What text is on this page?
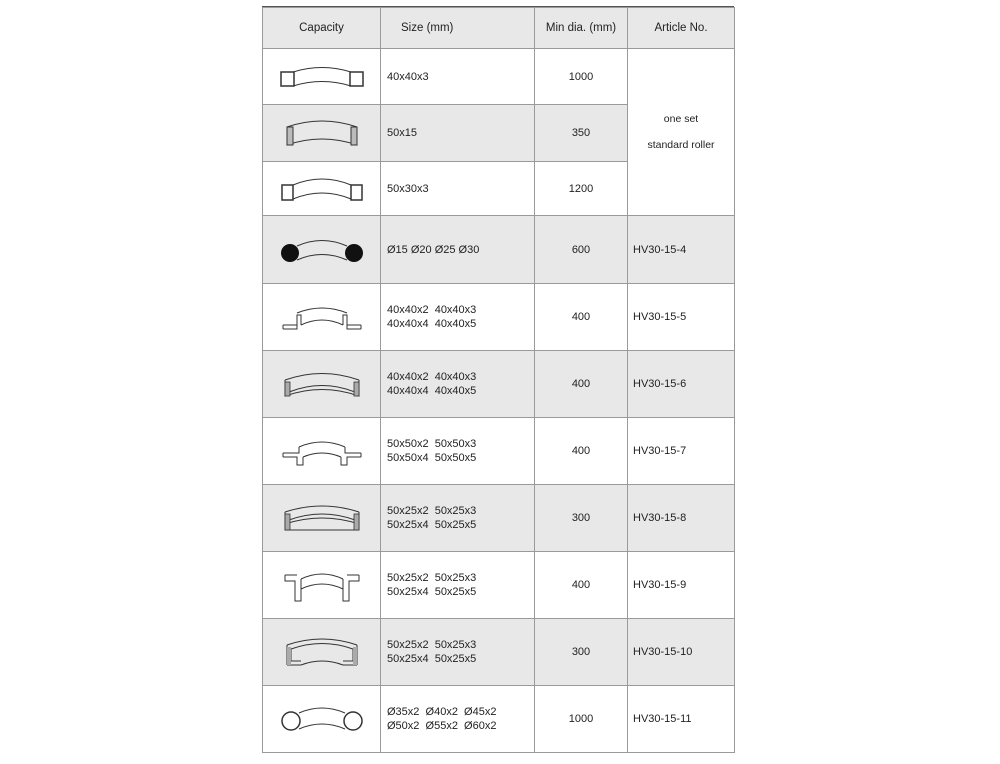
Capacity	Size (mm)	Min dia. (mm)	Article No.

40x40x3	1000	one set
standard roller

50x15	350	

50x30x3	1200	

Ø15 Ø20 Ø25 Ø30	600	HV30-15-4

40x40x2  40x40x3
40x40x4  40x40x5	400	HV30-15-5

40x40x2  40x40x3
40x40x4  40x40x5	400	HV30-15-6

50x50x2  50x50x3
50x50x4  50x50x5	400	HV30-15-7

50x25x2  50x25x3
50x25x4  50x25x5	300	HV30-15-8

50x25x2  50x25x3
50x25x4  50x25x5	400	HV30-15-9

50x25x2  50x25x3
50x25x4  50x25x5	300	HV30-15-10

Ø35x2  Ø40x2  Ø45x2
Ø50x2  Ø55x2  Ø60x2	1000	HV30-15-11
